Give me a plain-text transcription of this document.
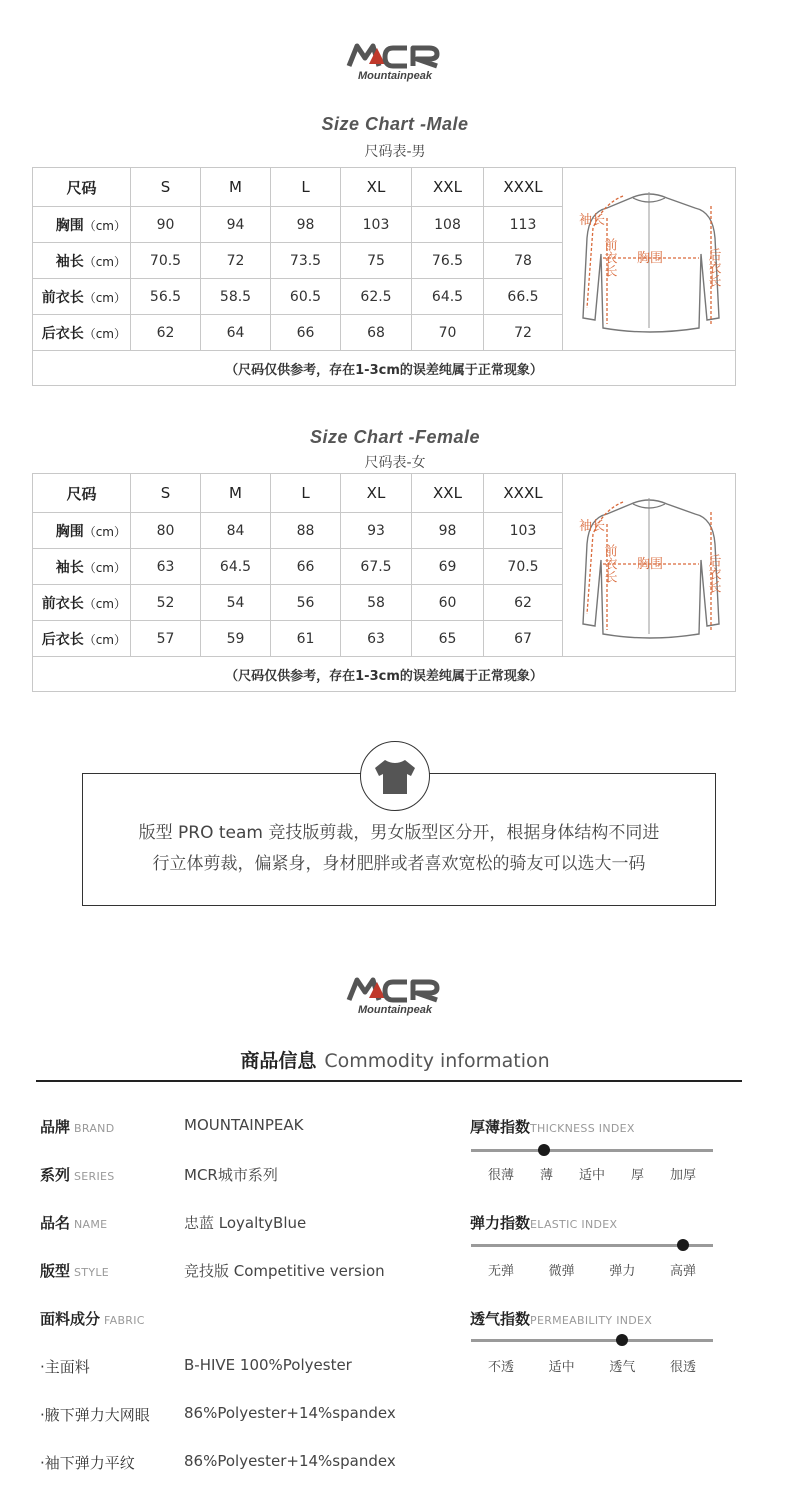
Mountainpeak
Size Chart -Male
尺码表-男
尺码	S	M	L	XL	XXL	XXXL	袖长
前衣长 胸围 后衣长

胸围（cm）	90	94	98	103	108	113	
袖长（cm）	70.5	72	73.5	75	76.5	78	
前衣长（cm）	56.5	58.5	60.5	62.5	64.5	66.5	
后衣长（cm）	62	64	66	68	70	72	
（尺码仅供参考，存在1-3cm的误差纯属于正常现象）							
Size Chart -Female
尺码表-女
尺码	S	M	L	XL	XXL	XXXL	袖长
前衣长 胸围 后衣长

胸围（cm）	80	84	88	93	98	103	
袖长（cm）	63	64.5	66	67.5	69	70.5	
前衣长（cm）	52	54	56	58	60	62	
后衣长（cm）	57	59	61	63	65	67	
（尺码仅供参考，存在1-3cm的误差纯属于正常现象）							
版型 PRO team 竞技版剪裁，男女版型区分开，根据身体结构不同进
行立体剪裁，偏紧身，身材肥胖或者喜欢宽松的骑友可以选大一码
Mountainpeak
商品信息 Commodity information
品牌 BRAND	MOUNTAINPEAK
系列 SERIES	MCR城市系列
品名 NAME	忠蓝 LoyaltyBlue
版型 STYLE	竞技版 Competitive version
面料成分 FABRIC
·主面料	B-HIVE 100%Polyester
·腋下弹力大网眼 86%Polyester+14%spandex
·袖下弹力平纹	86%Polyester+14%spandex
厚薄指数THICKNESS INDEX
很薄 薄 适中 厚 加厚
弹力指数ELASTIC INDEX
无弹	微弹	弹力	高弹
透气指数PERMEABILITY INDEX
不透	适中	透气	很透
